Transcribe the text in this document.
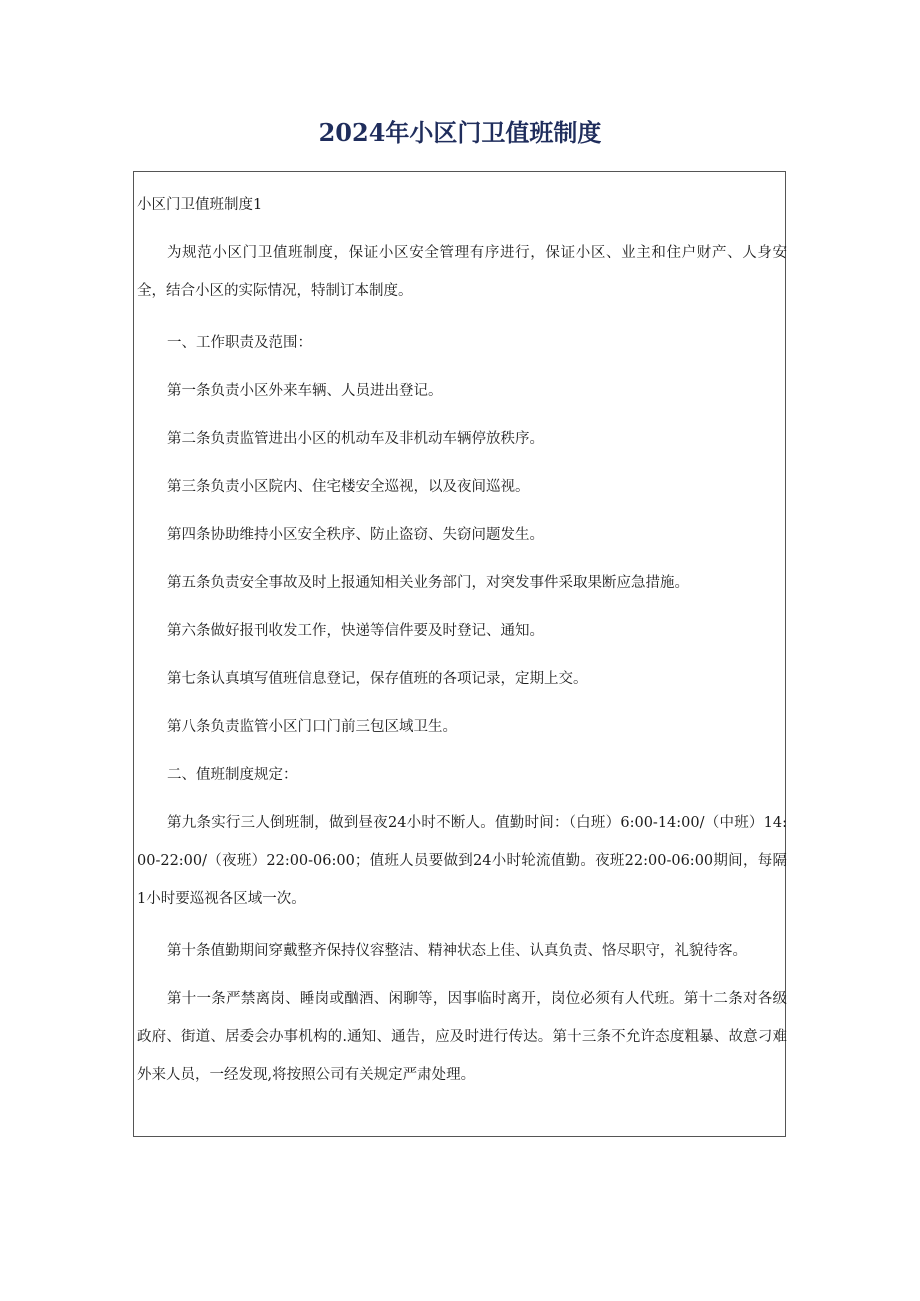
2024年小区门卫值班制度

小区门卫值班制度1

为规范小区门卫值班制度，保证小区安全管理有序进行，保证小区、业主和住户财产、人身安全，结合小区的实际情况，特制订本制度。

一、工作职责及范围：

第一条负责小区外来车辆、人员进出登记。

第二条负责监管进出小区的机动车及非机动车辆停放秩序。

第三条负责小区院内、住宅楼安全巡视，以及夜间巡视。

第四条协助维持小区安全秩序、防止盗窃、失窃问题发生。

第五条负责安全事故及时上报通知相关业务部门，对突发事件采取果断应急措施。

第六条做好报刊收发工作，快递等信件要及时登记、通知。

第七条认真填写值班信息登记，保存值班的各项记录，定期上交。

第八条负责监管小区门口门前三包区域卫生。

二、值班制度规定：

第九条实行三人倒班制，做到昼夜24小时不断人。值勤时间：（白班）6:00-14:00/（中班）14:00-22:00/（夜班）22:00-06:00；值班人员要做到24小时轮流值勤。夜班22:00-06:00期间，每隔1小时要巡视各区域一次。

第十条值勤期间穿戴整齐保持仪容整洁、精神状态上佳、认真负责、恪尽职守，礼貌待客。

第十一条严禁离岗、睡岗或酗酒、闲聊等，因事临时离开，岗位必须有人代班。第十二条对各级政府、街道、居委会办事机构的.通知、通告，应及时进行传达。第十三条不允许态度粗暴、故意刁难外来人员，一经发现,将按照公司有关规定严肃处理。
